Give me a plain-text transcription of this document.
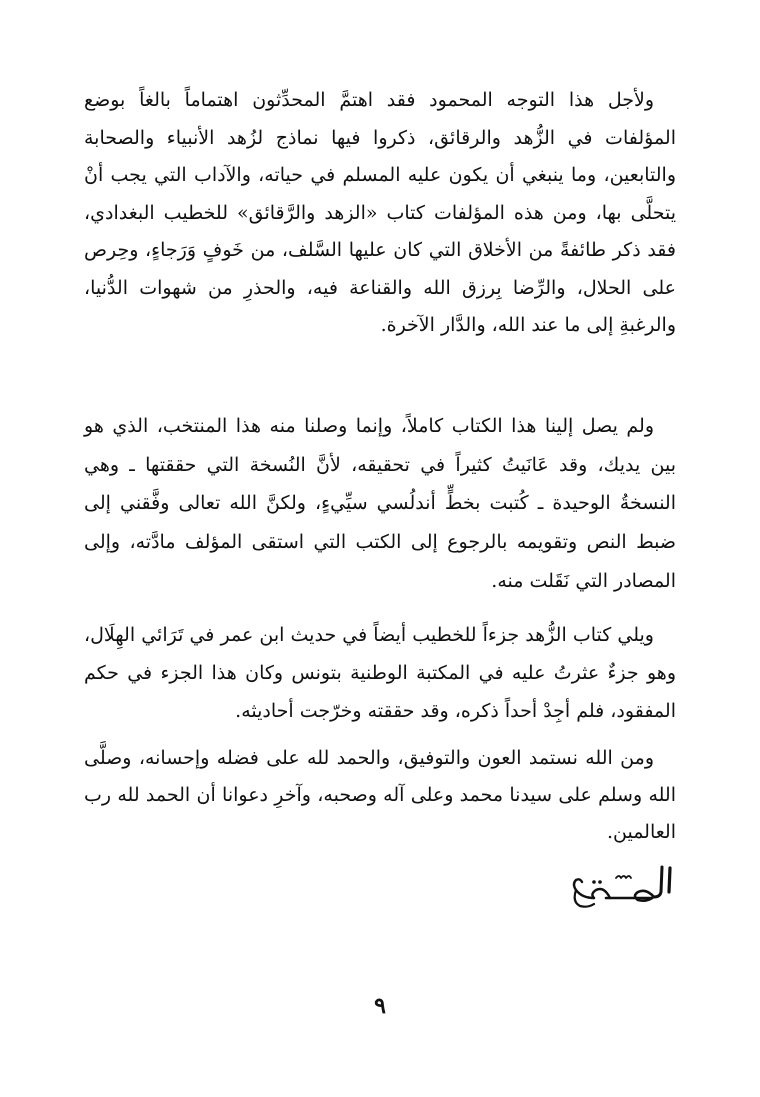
ولأجل هذا التوجه المحمود فقد اهتمَّ المحدِّثون اهتماماً بالغاً بوضع المؤلفات في الزُّهد والرقائق، ذكروا فيها نماذج لزُهد الأنبياء والصحابة والتابعين، وما ينبغي أن يكون عليه المسلم في حياته، والآداب التي يجب أنْ يتحلَّى بها، ومن هذه المؤلفات كتاب «الزهد والرَّقائق» للخطيب البغدادي، فقد ذكر طائفةً من الأخلاق التي كان عليها السَّلف، من خَوفٍ وَرَجاءٍ، وحِرص على الحلال، والرِّضا بِرزق الله والقناعة فيه، والحذرِ من شهوات الدُّنيا، والرغبةِ إلى ما عند الله، والدَّار الآخرة.

ولم يصل إلينا هذا الكتاب كاملاً، وإنما وصلنا منه هذا المنتخب، الذي هو بين يديك، وقد عَانَيتُ كثيراً في تحقيقه، لأنَّ النُسخة التي حققتها ـ وهي النسخةُ الوحيدة ـ كُتبت بخطٍّ أندلُسي سيِّيءٍ، ولكنَّ الله تعالى وفَّقني إلى ضبط النص وتقويمه بالرجوع إلى الكتب التي استقى المؤلف مادَّته، وإلى المصادر التي نَقَلت منه.

ويلي كتاب الزُّهد جزءاً للخطيب أيضاً في حديث ابن عمر في تَرَائي الهِلَال، وهو جزءٌ عثرتُ عليه في المكتبة الوطنية بتونس وكان هذا الجزء في حكم المفقود، فلم أجِدْ أحداً ذكره، وقد حققته وخرّجت أحاديثه.

ومن الله نستمد العون والتوفيق، والحمد لله على فضله وإحسانه، وصلَّى الله وسلم على سيدنا محمد وعلى آله وصحبه، وآخرِ دعوانا أن الحمد لله رب العالمين.

٩
